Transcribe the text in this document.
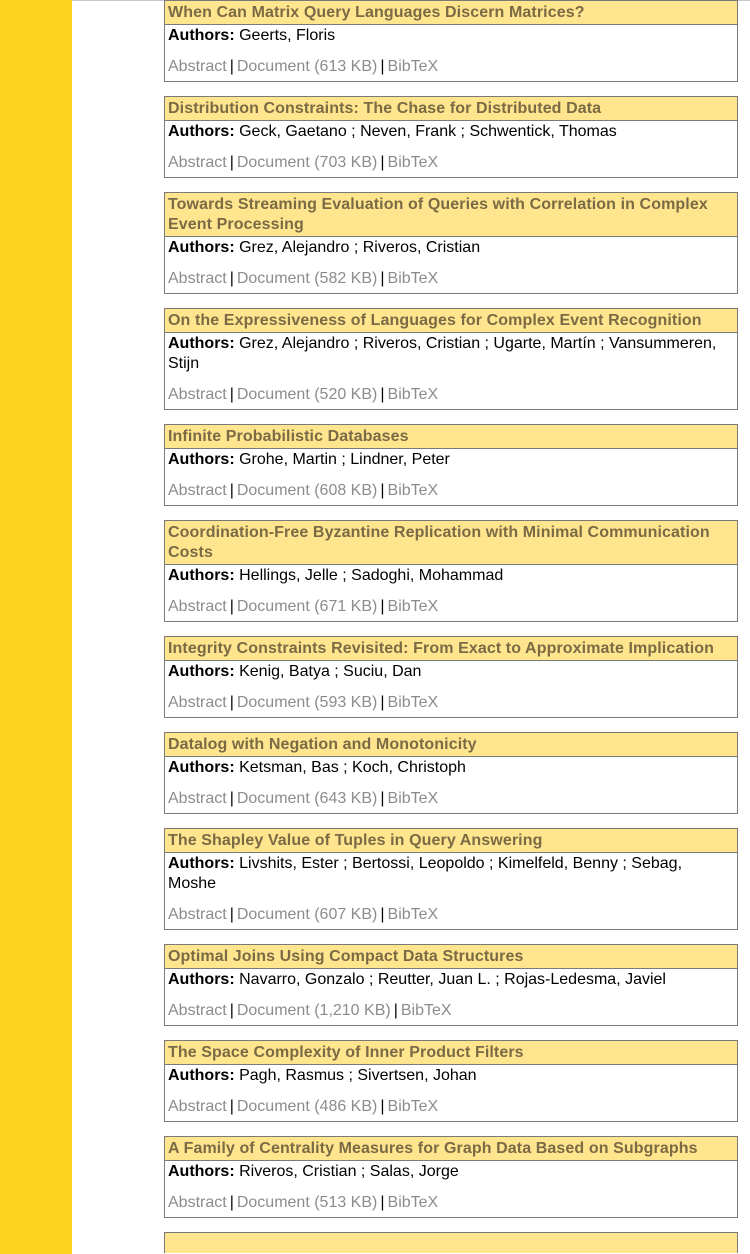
When Can Matrix Query Languages Discern Matrices?
Authors: Geerts, Floris
Abstract | Document (613 KB) | BibTeX
Distribution Constraints: The Chase for Distributed Data
Authors: Geck, Gaetano ; Neven, Frank ; Schwentick, Thomas
Abstract | Document (703 KB) | BibTeX
Towards Streaming Evaluation of Queries with Correlation in Complex Event Processing
Authors: Grez, Alejandro ; Riveros, Cristian
Abstract | Document (582 KB) | BibTeX
On the Expressiveness of Languages for Complex Event Recognition
Authors: Grez, Alejandro ; Riveros, Cristian ; Ugarte, Martín ; Vansummeren, Stijn
Abstract | Document (520 KB) | BibTeX
Infinite Probabilistic Databases
Authors: Grohe, Martin ; Lindner, Peter
Abstract | Document (608 KB) | BibTeX
Coordination-Free Byzantine Replication with Minimal Communication Costs
Authors: Hellings, Jelle ; Sadoghi, Mohammad
Abstract | Document (671 KB) | BibTeX
Integrity Constraints Revisited: From Exact to Approximate Implication
Authors: Kenig, Batya ; Suciu, Dan
Abstract | Document (593 KB) | BibTeX
Datalog with Negation and Monotonicity
Authors: Ketsman, Bas ; Koch, Christoph
Abstract | Document (643 KB) | BibTeX
The Shapley Value of Tuples in Query Answering
Authors: Livshits, Ester ; Bertossi, Leopoldo ; Kimelfeld, Benny ; Sebag, Moshe
Abstract | Document (607 KB) | BibTeX
Optimal Joins Using Compact Data Structures
Authors: Navarro, Gonzalo ; Reutter, Juan L. ; Rojas-Ledesma, Javiel
Abstract | Document (1,210 KB) | BibTeX
The Space Complexity of Inner Product Filters
Authors: Pagh, Rasmus ; Sivertsen, Johan
Abstract | Document (486 KB) | BibTeX
A Family of Centrality Measures for Graph Data Based on Subgraphs
Authors: Riveros, Cristian ; Salas, Jorge
Abstract | Document (513 KB) | BibTeX
